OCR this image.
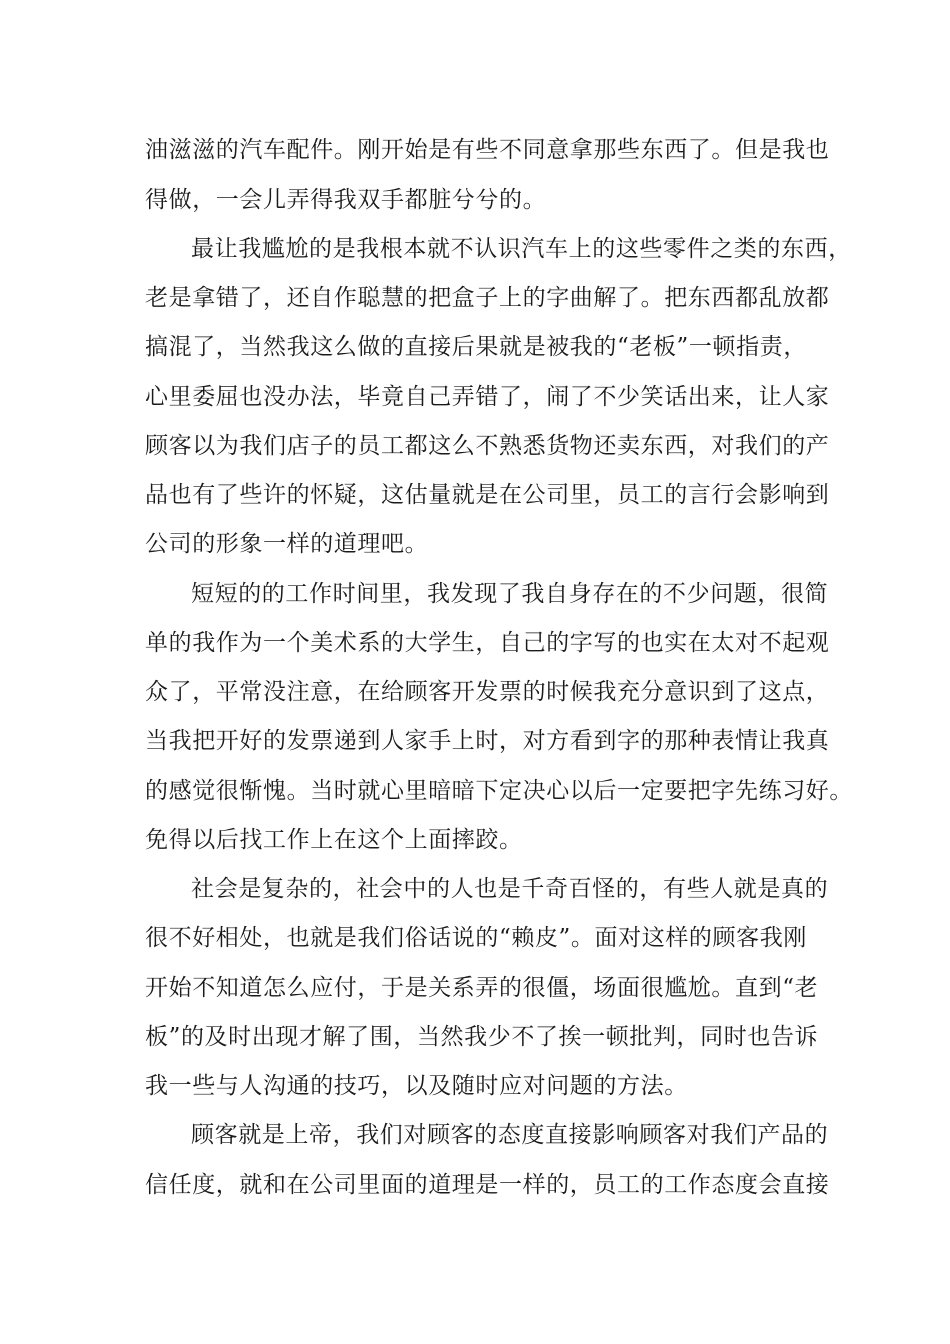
油滋滋的汽车配件。刚开始是有些不同意拿那些东西了。但是我也

得做，一会儿弄得我双手都脏兮兮的。

最让我尴尬的是我根本就不认识汽车上的这些零件之类的东西，

老是拿错了，还自作聪慧的把盒子上的字曲解了。把东西都乱放都

搞混了，当然我这么做的直接后果就是被我的“老板”一顿指责，

心里委屈也没办法，毕竟自己弄错了，闹了不少笑话出来，让人家

顾客以为我们店子的员工都这么不熟悉货物还卖东西，对我们的产

品也有了些许的怀疑，这估量就是在公司里，员工的言行会影响到

公司的形象一样的道理吧。

短短的的工作时间里，我发现了我自身存在的不少问题，很简

单的我作为一个美术系的大学生，自己的字写的也实在太对不起观

众了，平常没注意，在给顾客开发票的时候我充分意识到了这点，

当我把开好的发票递到人家手上时，对方看到字的那种表情让我真

的感觉很惭愧。当时就心里暗暗下定决心以后一定要把字先练习好。

免得以后找工作上在这个上面摔跤。

社会是复杂的，社会中的人也是千奇百怪的，有些人就是真的

很不好相处，也就是我们俗话说的“赖皮”。面对这样的顾客我刚

开始不知道怎么应付，于是关系弄的很僵，场面很尴尬。直到“老

板”的及时出现才解了围，当然我少不了挨一顿批判，同时也告诉

我一些与人沟通的技巧，以及随时应对问题的方法。

顾客就是上帝，我们对顾客的态度直接影响顾客对我们产品的

信任度，就和在公司里面的道理是一样的，员工的工作态度会直接
